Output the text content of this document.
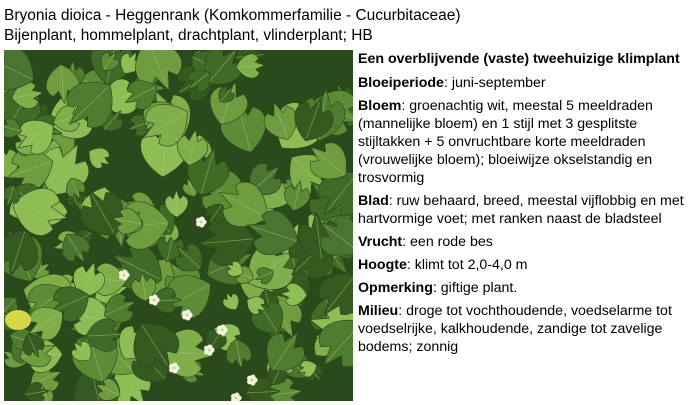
Bryonia dioica - Heggenrank (Komkommerfamilie - Cucurbitaceae)
Bijenplant, hommelplant, drachtplant, vlinderplant; HB

Een overblijvende (vaste) tweehuizige klimplant

Bloeiperiode: juni-september

Bloem: groenachtig wit, meestal 5 meeldraden (mannelijke bloem) en 1 stijl met 3 gesplitste stijltakken + 5 onvruchtbare korte meeldraden (vrouwelijke bloem); bloeiwijze okselstandig en trosvormig

Blad: ruw behaard, breed, meestal vijflobbig en met hartvormige voet; met ranken naast de bladsteel

Vrucht: een rode bes

Hoogte: klimt tot 2,0-4,0 m

Opmerking: giftige plant.

Milieu: droge tot vochthoudende, voedselarme tot voedselrijke, kalkhoudende, zandige tot zavelige bodems; zonnig
